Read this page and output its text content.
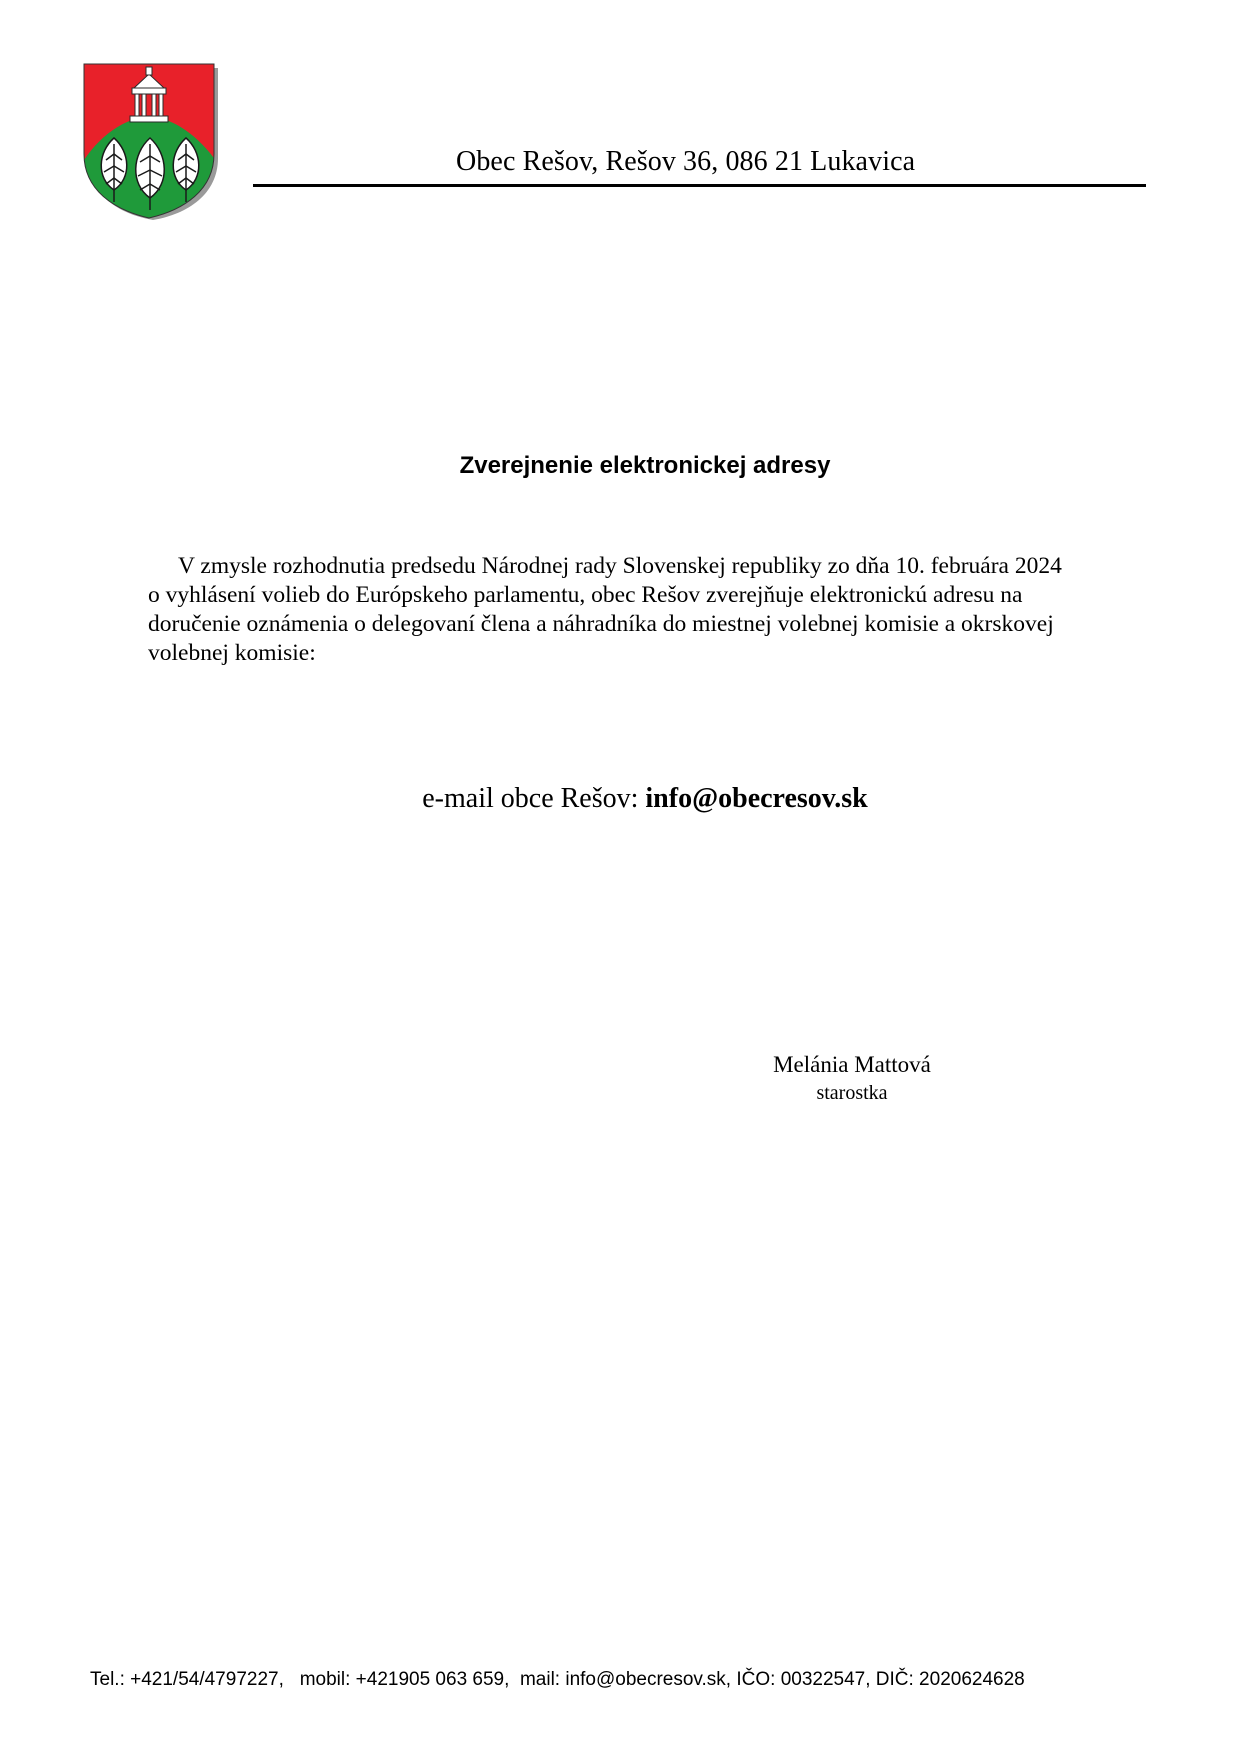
Obec Rešov, Rešov 36, 086 21 Lukavica
Zverejnenie elektronickej adresy
V zmysle rozhodnutia predsedu Národnej rady Slovenskej republiky zo dňa 10. februára 2024
o vyhlásení volieb do Európskeho parlamentu, obec Rešov zverejňuje elektronickú adresu na
doručenie oznámenia o delegovaní člena a náhradníka do miestnej volebnej komisie a okrskovej
volebnej komisie:
e-mail obce Rešov: info@obecresov.sk
Melánia Mattová
starostka
Tel.: +421/54/4797227,   mobil: +421905 063 659,  mail: info@obecresov.sk, IČO: 00322547, DIČ: 2020624628
